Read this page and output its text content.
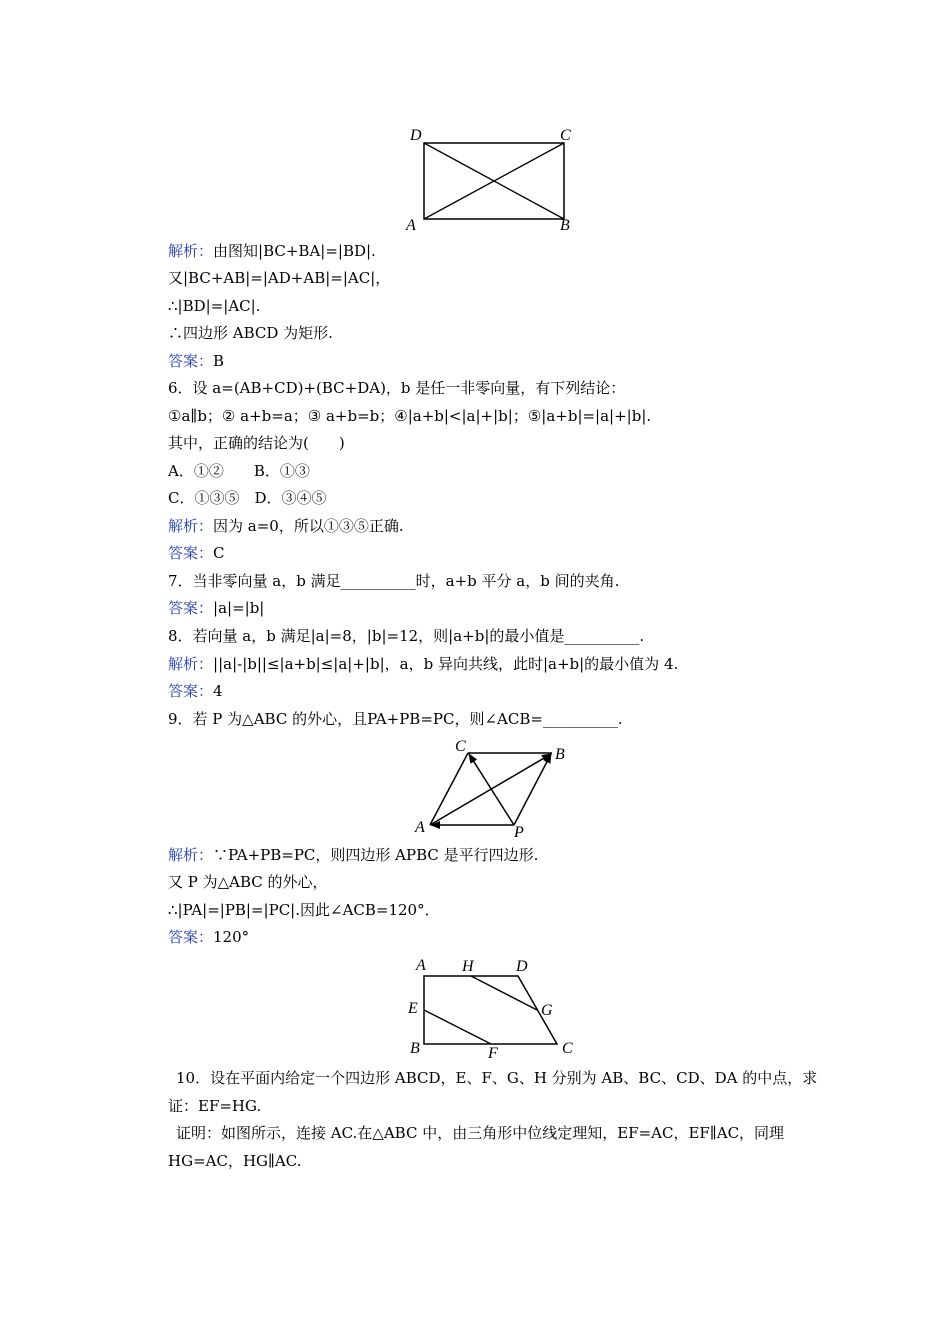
D	C
A	B
解析：由图知|BC+BA|=|BD|.
又|BC+AB|=|AD+AB|=|AC|，
∴|BD|=|AC|.
∴四边形 ABCD 为矩形.
答案：B
6．设 a=(AB+CD)+(BC+DA)，b 是任一非零向量，有下列结论：
①a∥b；② a+b=a；③ a+b=b；④|a+b|<|a|+|b|；⑤|a+b|=|a|+|b|.
其中，正确的结论为(　　)
A．①②　　B．①③
C．①③⑤　D．③④⑤
解析：因为 a=0，所以①③⑤正确.
答案：C
7．当非零向量 a，b 满足__________时，a+b 平分 a，b 间的夹角.
答案：|a|=|b|
8．若向量 a，b 满足|a|=8，|b|=12，则|a+b|的最小值是__________.
解析：||a|-|b||≤|a+b|≤|a|+|b|，a，b 异向共线，此时|a+b|的最小值为 4.
答案：4
9．若 P 为△ABC 的外心，且PA+PB=PC，则∠ACB=__________.
C	B
A	P
解析：∵PA+PB=PC，则四边形 APBC 是平行四边形.
又 P 为△ABC 的外心，
∴|PA|=|PB|=|PC|.因此∠ACB=120°．
答案：120°
A H	D
E	G
B	F	C
10．设在平面内给定一个四边形 ABCD，E、F、G、H 分别为 AB、BC、CD、DA 的中点，求
证：EF=HG.
证明：如图所示，连接 AC.在△ABC 中，由三角形中位线定理知，EF=AC，EF∥AC，同理
HG=AC，HG∥AC.
